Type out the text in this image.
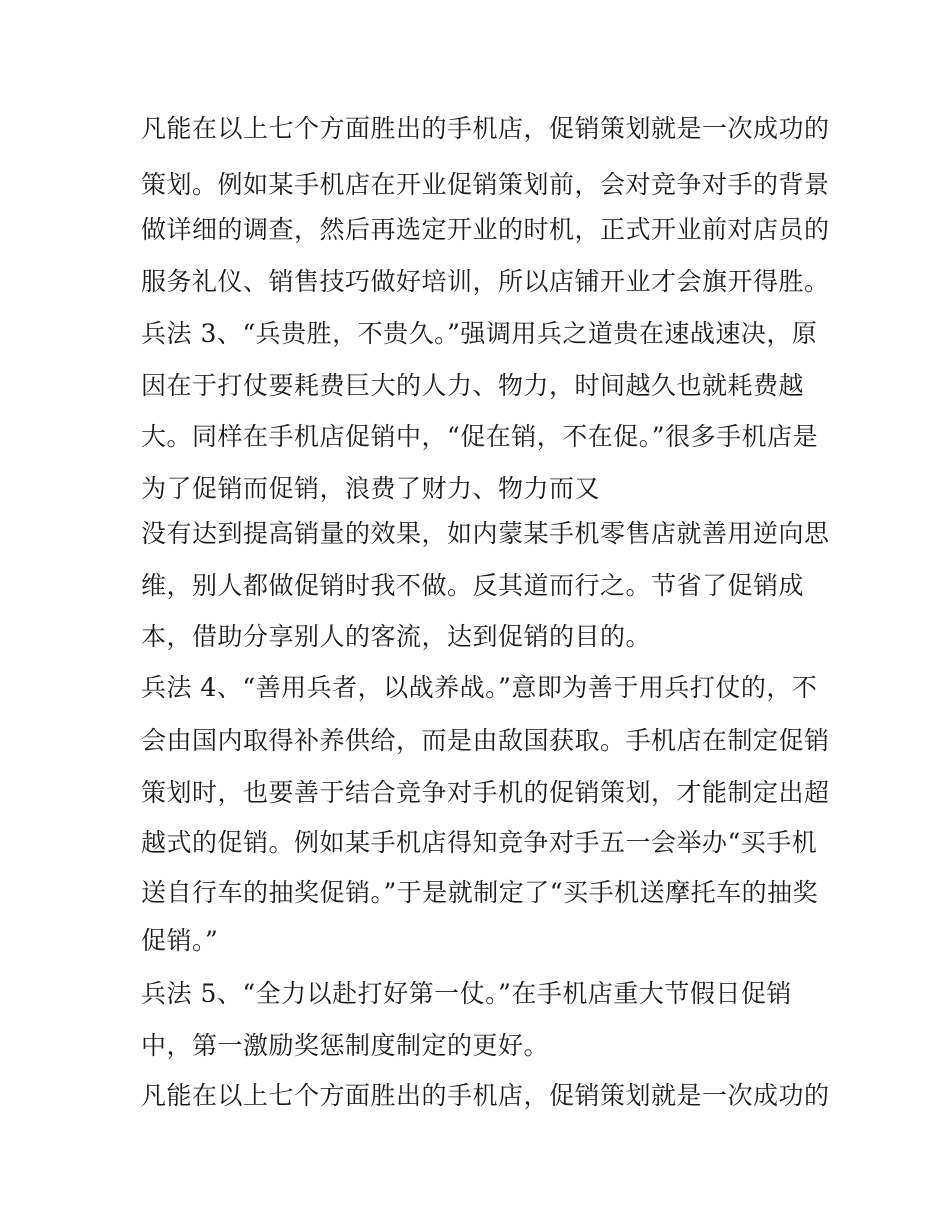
凡能在以上七个方面胜出的手机店，促销策划就是一次成功的
策划。例如某手机店在开业促销策划前，会对竞争对手的背景
做详细的调查，然后再选定开业的时机，正式开业前对店员的
服务礼仪、销售技巧做好培训，所以店铺开业才会旗开得胜。
兵法 3、“兵贵胜，不贵久。”强调用兵之道贵在速战速决，原
因在于打仗要耗费巨大的人力、物力，时间越久也就耗费越
大。同样在手机店促销中，“促在销，不在促。”很多手机店是
为了促销而促销，浪费了财力、物力而又
没有达到提高销量的效果，如内蒙某手机零售店就善用逆向思
维，别人都做促销时我不做。反其道而行之。节省了促销成
本，借助分享别人的客流，达到促销的目的。
兵法 4、“善用兵者，以战养战。”意即为善于用兵打仗的，不
会由国内取得补养供给，而是由敌国获取。手机店在制定促销
策划时，也要善于结合竞争对手机的促销策划，才能制定出超
越式的促销。例如某手机店得知竞争对手五一会举办“买手机
送自行车的抽奖促销。”于是就制定了“买手机送摩托车的抽奖
促销。”
兵法 5、“全力以赴打好第一仗。”在手机店重大节假日促销
中，第一激励奖惩制度制定的更好。
凡能在以上七个方面胜出的手机店，促销策划就是一次成功的
